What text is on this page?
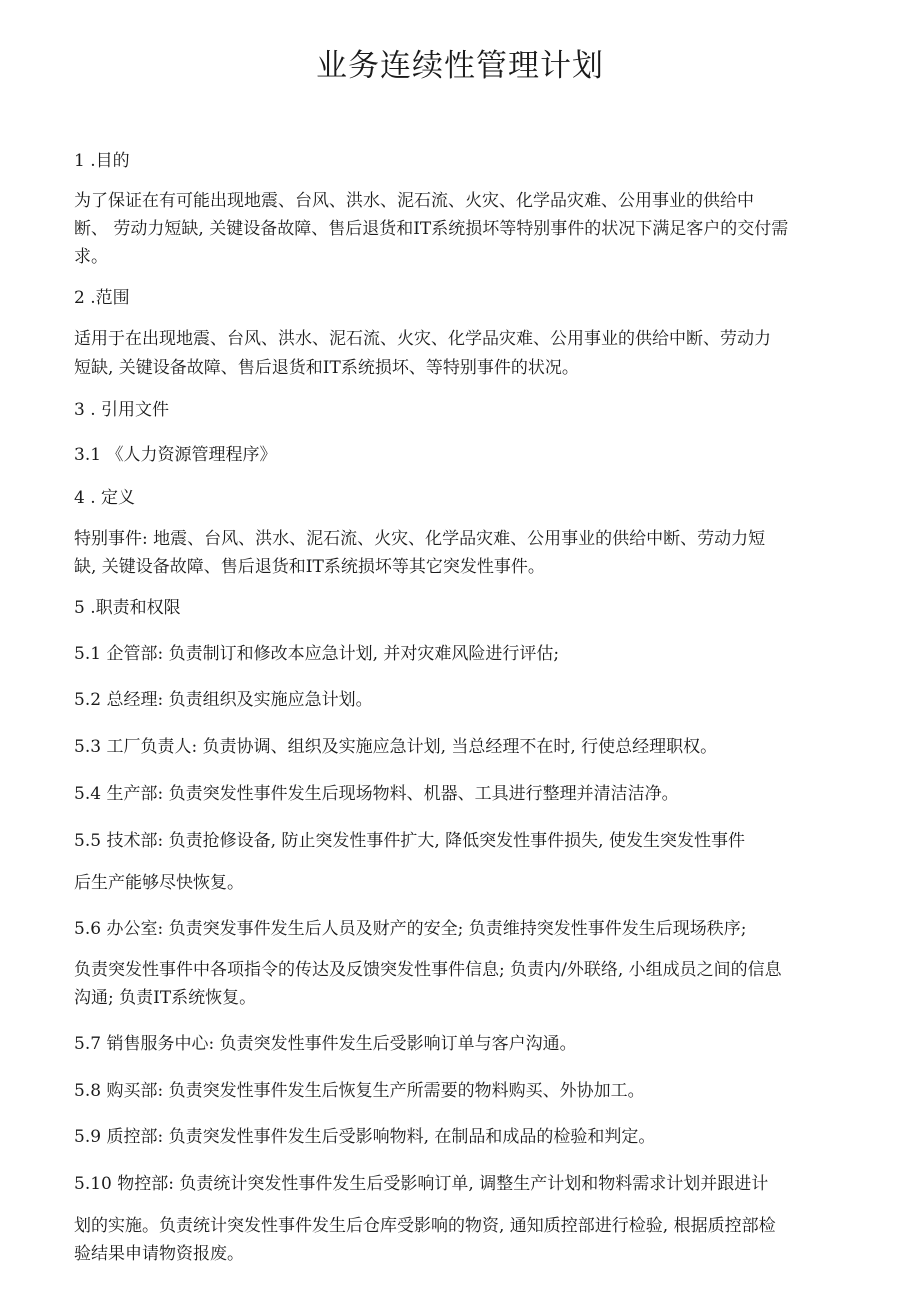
业务连续性管理计划

1 .目的

为了保证在有可能出现地震、台风、洪水、泥石流、火灾、化学品灾难、公用事业的供给中

断、 劳动力短缺, 关键设备故障、售后退货和IT系统损坏等特别事件的状况下满足客户的交付需

求。

2 .范围

适用于在出现地震、台风、洪水、泥石流、火灾、化学品灾难、公用事业的供给中断、劳动力

短缺, 关键设备故障、售后退货和IT系统损坏、等特别事件的状况。

3 . 引用文件

3.1 《人力资源管理程序》

4 . 定义

特别事件: 地震、台风、洪水、泥石流、火灾、化学品灾难、公用事业的供给中断、劳动力短

缺, 关键设备故障、售后退货和IT系统损坏等其它突发性事件。

5 .职责和权限

5.1 企管部: 负责制订和修改本应急计划, 并对灾难风险进行评估;

5.2 总经理: 负责组织及实施应急计划。

5.3 工厂负责人: 负责协调、组织及实施应急计划, 当总经理不在时, 行使总经理职权。

5.4 生产部: 负责突发性事件发生后现场物料、机器、工具进行整理并清洁洁净。

5.5 技术部: 负责抢修设备, 防止突发性事件扩大, 降低突发性事件损失, 使发生突发性事件

后生产能够尽快恢复。

5.6 办公室: 负责突发事件发生后人员及财产的安全; 负责维持突发性事件发生后现场秩序;

负责突发性事件中各项指令的传达及反馈突发性事件信息; 负责内/外联络, 小组成员之间的信息

沟通; 负责IT系统恢复。

5.7 销售服务中心: 负责突发性事件发生后受影响订单与客户沟通。

5.8 购买部: 负责突发性事件发生后恢复生产所需要的物料购买、外协加工。

5.9 质控部: 负责突发性事件发生后受影响物料, 在制品和成品的检验和判定。

5.10 物控部: 负责统计突发性事件发生后受影响订单, 调整生产计划和物料需求计划并跟进计

划的实施。负责统计突发性事件发生后仓库受影响的物资, 通知质控部进行检验, 根据质控部检

验结果申请物资报废。
